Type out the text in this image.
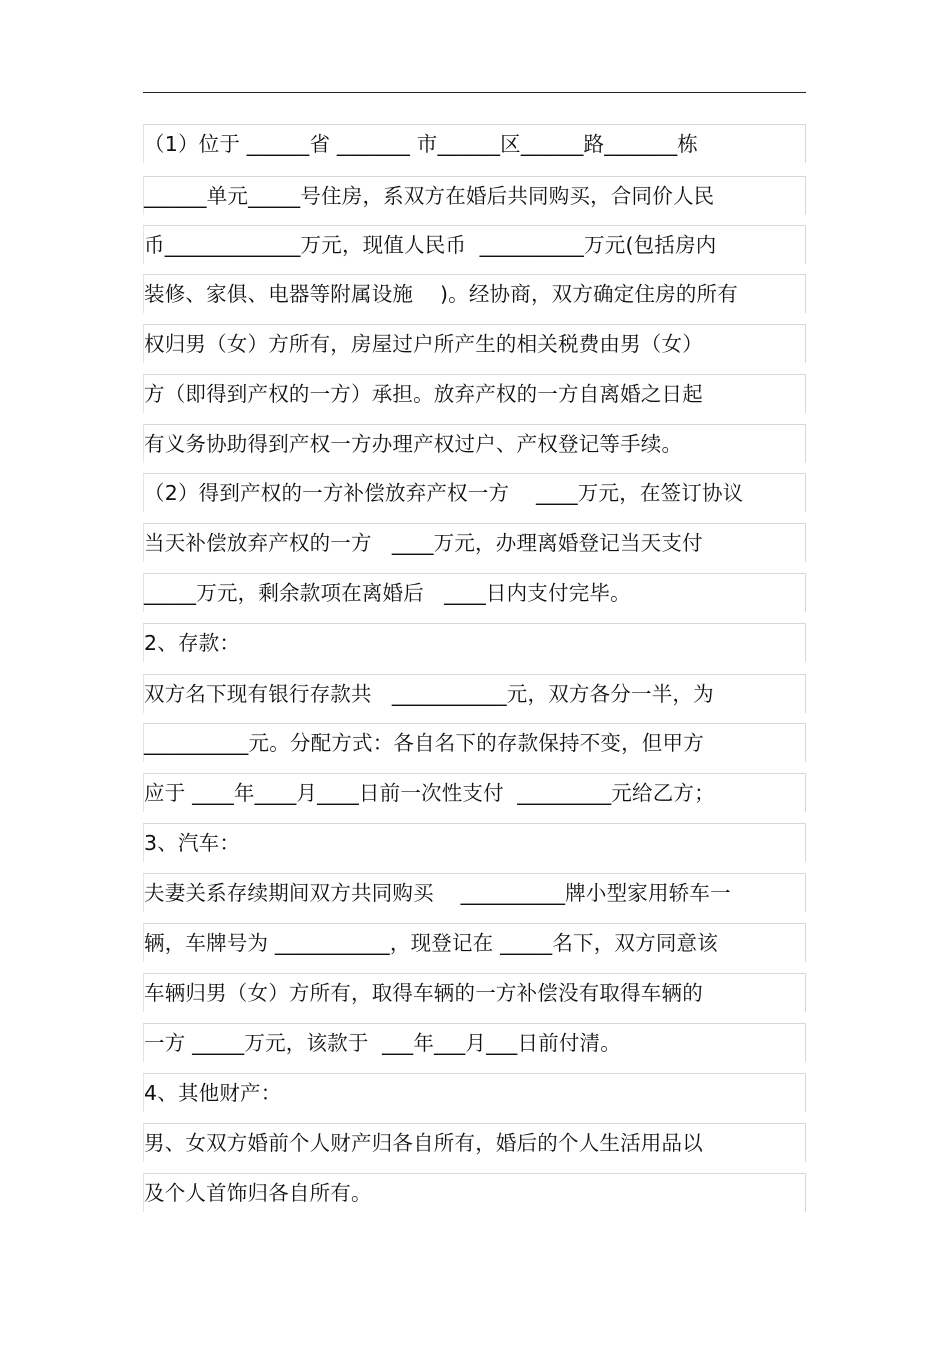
（1）位于 ______省 _______ 市______区______路_______栋
______单元_____号住房，系双方在婚后共同购买，合同价人民
币_____________万元，现值人民币  __________万元(包括房内
装修、家俱、电器等附属设施    )。经协商，双方确定住房的所有
权归男（女）方所有，房屋过户所产生的相关税费由男（女）
方（即得到产权的一方）承担。放弃产权的一方自离婚之日起
有义务协助得到产权一方办理产权过户、产权登记等手续。
（2）得到产权的一方补偿放弃产权一方    ____万元，在签订协议
当天补偿放弃产权的一方   ____万元，办理离婚登记当天支付
_____万元，剩余款项在离婚后   ____日内支付完毕。
2、存款：
双方名下现有银行存款共   ___________元，双方各分一半，为
__________元。分配方式：各自名下的存款保持不变，但甲方
应于 ____年____月____日前一次性支付  _________元给乙方；
3、汽车：
夫妻关系存续期间双方共同购买    __________牌小型家用轿车一
辆，车牌号为 ___________，现登记在 _____名下，双方同意该
车辆归男（女）方所有，取得车辆的一方补偿没有取得车辆的
一方 _____万元，该款于  ___年___月___日前付清。
4、其他财产：
男、女双方婚前个人财产归各自所有，婚后的个人生活用品以
及个人首饰归各自所有。
